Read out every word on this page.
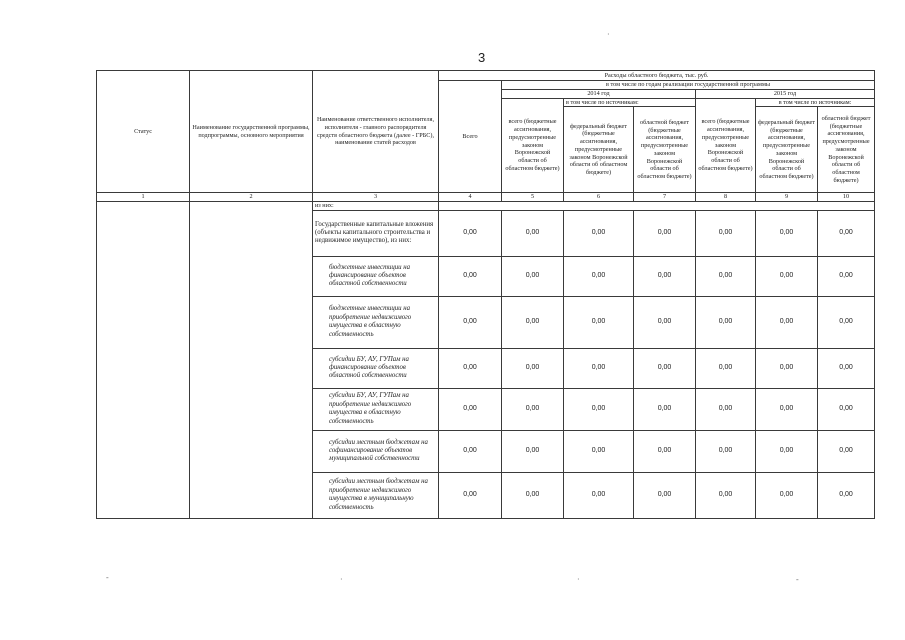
3
Статус	Наименование государственной программы, подпрограммы, основного мероприятия	Наименование ответственного исполнителя, исполнителя - главного распорядителя средств областного бюджета (далее - ГРБС), наименование статей расходов	Расходы областного бюджета, тыс. руб.						
			Всего	в том числе по годам реализации государственной программы					
				2014 год			2015 год		
				всего (бюджетные ассигнования, предусмотренные законом Воронежской области об областном бюджете)	в том числе по источникам:		всего (бюджетные ассигнования, предусмотренные законом Воронежской области об областном бюджете)	в том числе по источникам:	
					федеральный бюджет (бюджетные ассигнования, предусмотренные законом Воронежской области об областном бюджете)	областной бюджет (бюджетные ассигнования, предусмотренные законом Воронежской области об областном бюджете)		федеральный бюджет (бюджетные ассигнования, предусмотренные законом Воронежской области об областном бюджете)	областной бюджет (бюджетные ассигнования, предусмотренные законом Воронежской области об областном бюджете)
1	2	3	4	5	6	7	8	9	10
		из них:							
		Государственные капитальные вложения (объекты капитального строительства и недвижимое имущество), из них:	0,00	0,00	0,00	0,00	0,00	0,00	0,00
		бюджетные инвестиции на финансирование объектов областной собственности	0,00	0,00	0,00	0,00	0,00	0,00	0,00
		бюджетные инвестиции на приобретение недвижимого имущества в областную собственность	0,00	0,00	0,00	0,00	0,00	0,00	0,00
		субсидии БУ, АУ, ГУПам на финансирование объектов областной собственности	0,00	0,00	0,00	0,00	0,00	0,00	0,00
		субсидии БУ, АУ, ГУПам на приобретение недвижимого имущества в областную собственность	0,00	0,00	0,00	0,00	0,00	0,00	0,00
		субсидии местным бюджетам на софинансирование объектов муниципальной собственности	0,00	0,00	0,00	0,00	0,00	0,00	0,00
		субсидии местным бюджетам на приобретение недвижимого имущества в муниципальную собственность	0,00	0,00	0,00	0,00	0,00	0,00	0,00
·
-	·	·	-
